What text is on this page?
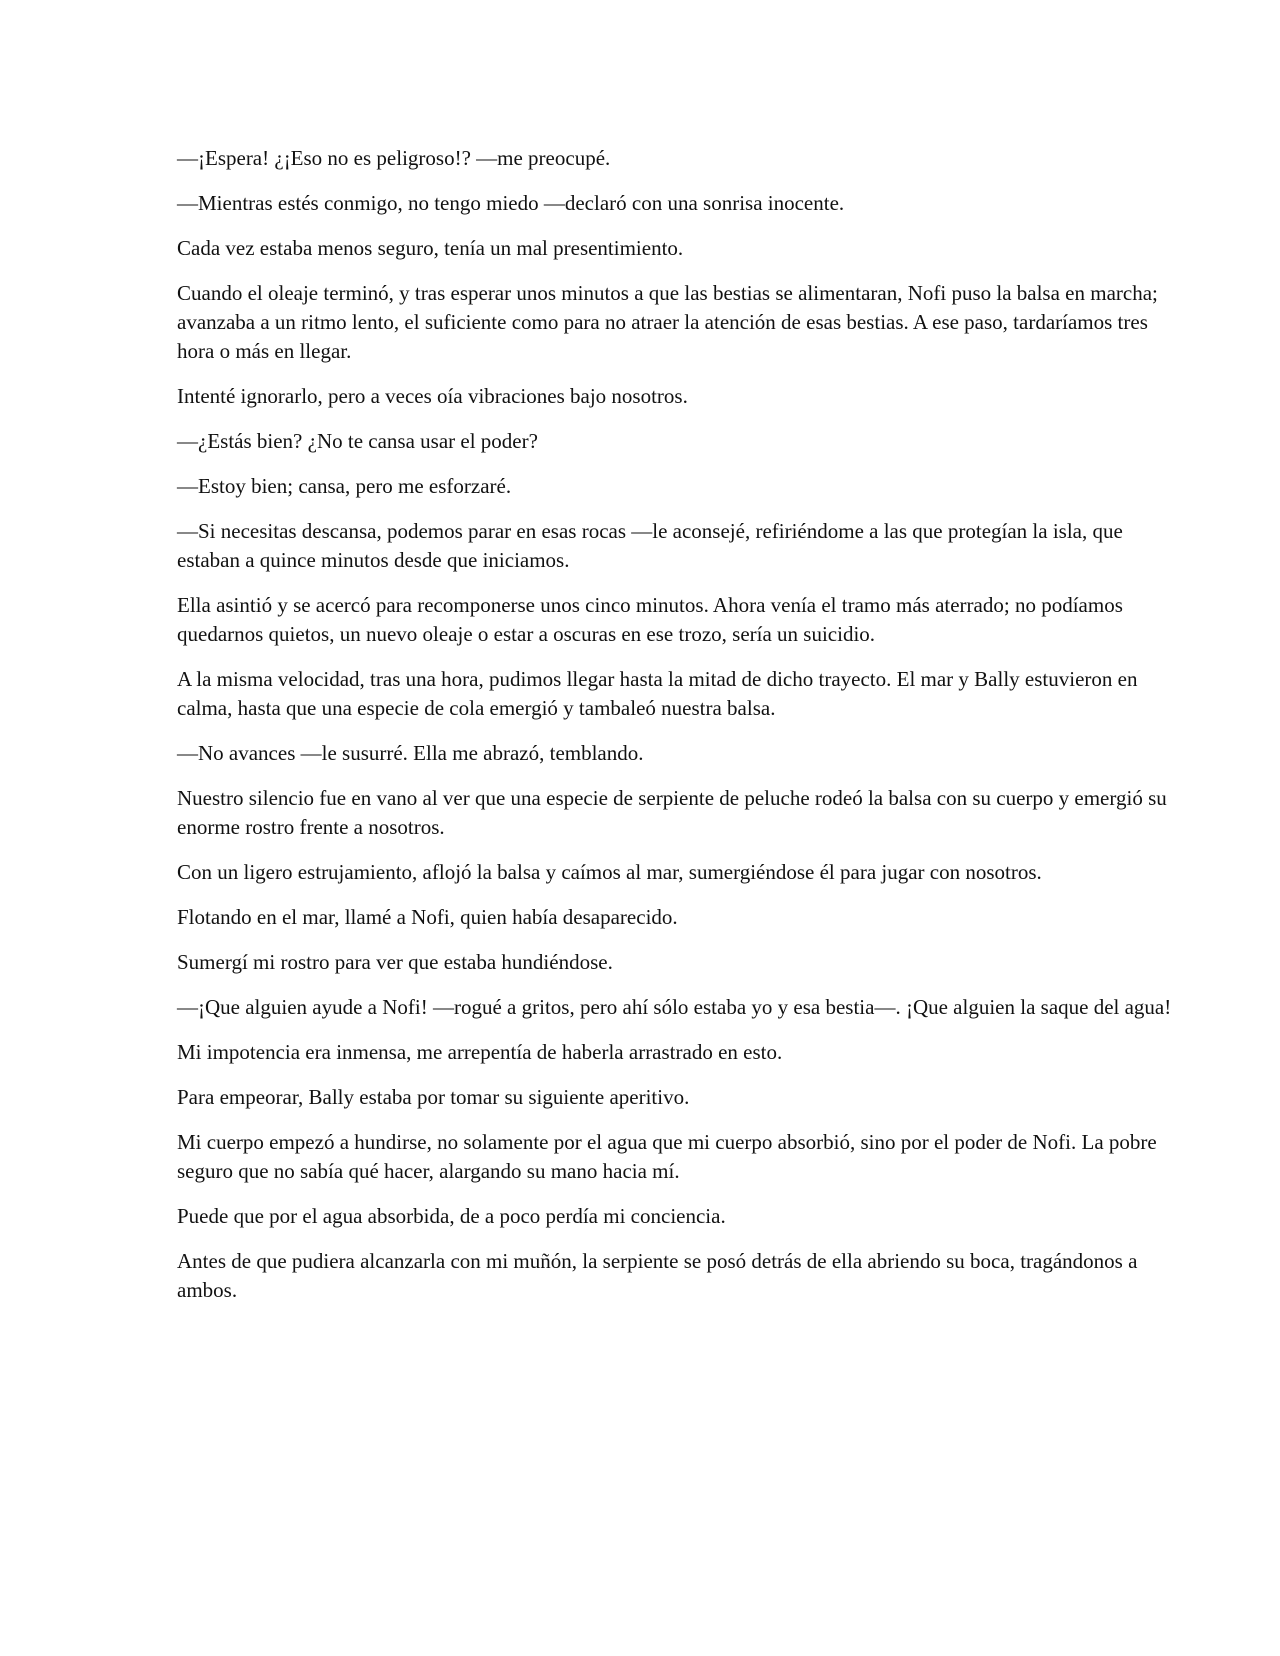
—¡Espera! ¿¡Eso no es peligroso!? —me preocupé.

—Mientras estés conmigo, no tengo miedo —declaró con una sonrisa inocente.

Cada vez estaba menos seguro, tenía un mal presentimiento.

Cuando el oleaje terminó, y tras esperar unos minutos a que las bestias se alimentaran, Nofi puso la balsa en marcha; avanzaba a un ritmo lento, el suficiente como para no atraer la atención de esas bestias. A ese paso, tardaríamos tres hora o más en llegar.

Intenté ignorarlo, pero a veces oía vibraciones bajo nosotros.

—¿Estás bien? ¿No te cansa usar el poder?

—Estoy bien; cansa, pero me esforzaré.

—Si necesitas descansa, podemos parar en esas rocas —le aconsejé, refiriéndome a las que protegían la isla, que estaban a quince minutos desde que iniciamos.

Ella asintió y se acercó para recomponerse unos cinco minutos. Ahora venía el tramo más aterrado; no podíamos quedarnos quietos, un nuevo oleaje o estar a oscuras en ese trozo, sería un suicidio.

A la misma velocidad, tras una hora, pudimos llegar hasta la mitad de dicho trayecto. El mar y Bally estuvieron en calma, hasta que una especie de cola emergió y tambaleó nuestra balsa.

—No avances —le susurré. Ella me abrazó, temblando.

Nuestro silencio fue en vano al ver que una especie de serpiente de peluche rodeó la balsa con su cuerpo y emergió su enorme rostro frente a nosotros.

Con un ligero estrujamiento, aflojó la balsa y caímos al mar, sumergiéndose él para jugar con nosotros.

Flotando en el mar, llamé a Nofi, quien había desaparecido.

Sumergí mi rostro para ver que estaba hundiéndose.

—¡Que alguien ayude a Nofi! —rogué a gritos, pero ahí sólo estaba yo y esa bestia—. ¡Que alguien la saque del agua!

Mi impotencia era inmensa, me arrepentía de haberla arrastrado en esto.

Para empeorar, Bally estaba por tomar su siguiente aperitivo.

Mi cuerpo empezó a hundirse, no solamente por el agua que mi cuerpo absorbió, sino por el poder de Nofi. La pobre seguro que no sabía qué hacer, alargando su mano hacia mí.

Puede que por el agua absorbida, de a poco perdía mi conciencia.

Antes de que pudiera alcanzarla con mi muñón, la serpiente se posó detrás de ella abriendo su boca, tragándonos a ambos.
